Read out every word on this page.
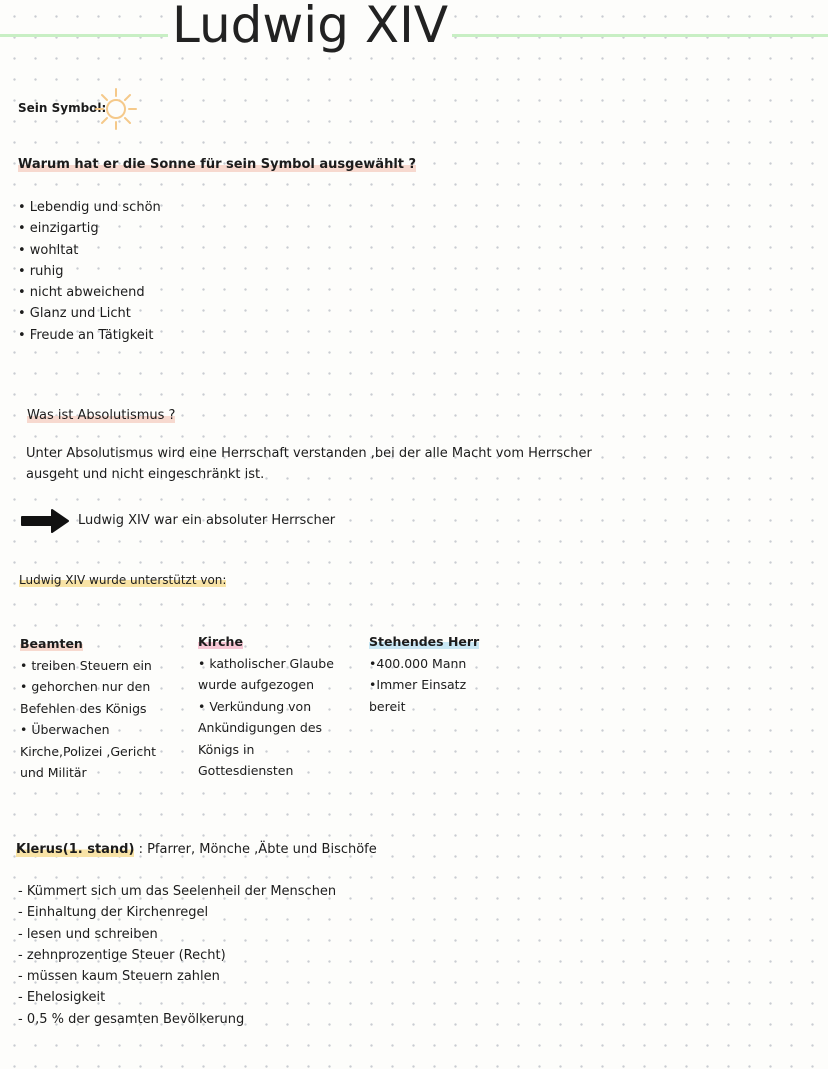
Ludwig XIV
Sein Symbol:
Warum hat er die Sonne für sein Symbol ausgewählt ?
• Lebendig und schön
• einzigartig
• wohltat
• ruhig
• nicht abweichend
• Glanz und Licht
• Freude an Tätigkeit
Was ist Absolutismus ?
Unter Absolutismus wird eine Herrschaft verstanden ,bei der alle Macht vom Herrscher
ausgeht und nicht eingeschränkt ist.
Ludwig XIV war ein absoluter Herrscher
Ludwig XIV wurde unterstützt von:
Beamten
• treiben Steuern ein
• gehorchen nur den
Befehlen des Königs
• Überwachen
Kirche,Polizei ,Gericht
und Militär
Kirche
• katholischer Glaube
wurde aufgezogen
• Verkündung von
Ankündigungen des
Königs in
Gottesdiensten
Stehendes Herr
•400.000 Mann
•Immer Einsatz
bereit
Klerus(1. stand) : Pfarrer, Mönche ,Äbte und Bischöfe
- Kümmert sich um das Seelenheil der Menschen
- Einhaltung der Kirchenregel
- lesen und schreiben
- zehnprozentige Steuer (Recht)
- müssen kaum Steuern zahlen
- Ehelosigkeit
- 0,5 % der gesamten Bevölkerung
